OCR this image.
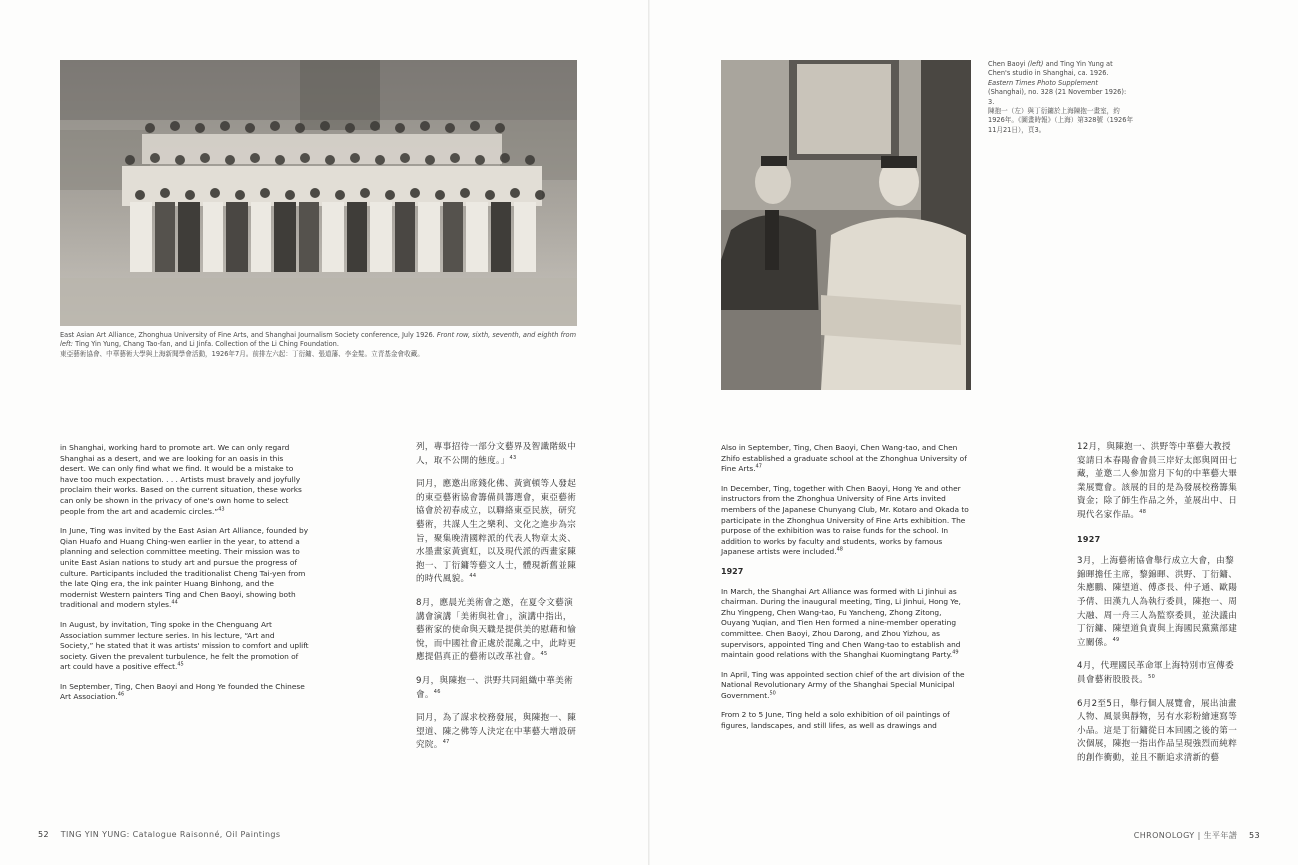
East Asian Art Alliance, Zhonghua University of Fine Arts, and Shanghai Journalism Society conference, July 1926. Front row, sixth, seventh, and eighth from left: Ting Yin Yung, Chang Tao-fan, and Li Jinfa. Collection of the Li Ching Foundation.
東亞藝術協會、中華藝術大學與上海新聞學會活動，1926年7月。前排左六起：丁衍鏞、張道藩、李金髮。立青基金會收藏。

in Shanghai, working hard to promote art. We can only regard Shanghai as a desert, and we are looking for an oasis in this desert. We can only find what we find. It would be a mistake to have too much expectation. . . . Artists must bravely and joyfully proclaim their works. Based on the current situation, these works can only be shown in the privacy of one's own home to select people from the art and academic circles.”$^{43}$

In June, Ting was invited by the East Asian Art Alliance, founded by Qian Huafo and Huang Ching-wen earlier in the year, to attend a planning and selection committee meeting. Their mission was to unite East Asian nations to study art and pursue the progress of culture. Participants included the traditionalist Cheng Tai-yen from the late Qing era, the ink painter Huang Binhong, and the modernist Western painters Ting and Chen Baoyi, showing both traditional and modern styles.$^{44}$

In August, by invitation, Ting spoke in the Chenguang Art Association summer lecture series. In his lecture, “Art and Society,” he stated that it was artists' mission to comfort and uplift society. Given the prevalent turbulence, he felt the promotion of art could have a positive effect.$^{45}$

In September, Ting, Chen Baoyi and Hong Ye founded the Chinese Art Association.$^{46}$

列，專事招待一部分文藝界及智識階級中人，取不公開的態度。」$^{43}$

同月，應邀出席錢化佛、黃賓頓等人發起的東亞藝術協會籌備員籌選會，東亞藝術協會於初春成立，以聯絡東亞民族，研究藝術，共謀人生之樂利、文化之進步為宗旨，聚集晚清國粹派的代表人物章太炎、水墨畫家黃賓虹，以及現代派的西畫家陳抱一、丁衍鏞等藝文人士，體現新舊並陳的時代風貌。$^{44}$

8月，應晨光美術會之邀，在夏令文藝演講會演講「美術與社會」，演講中指出，藝術家的使命與天職是提供美的慰藉和愉悅，而中國社會正處於混亂之中，此時更應提倡真正的藝術以改革社會。$^{45}$

9月，與陳抱一、洪野共同組織中華美術會。$^{46}$

同月，為了謀求校務發展，與陳抱一、陳望道、陳之佛等人決定在中華藝大增設研究院。$^{47}$

52 TING YIN YUNG: Catalogue Raisonné, Oil Paintings
Chen Baoyi (left) and Ting Yin Yung at Chen's studio in Shanghai, ca. 1926. Eastern Times Photo Supplement (Shanghai), no. 328 (21 November 1926): 3.
陳抱一（左）與丁衍鏞於上海陳抱一畫室，約1926年。《圖畫時報》（上海）第328號（1926年11月21日），頁3。

Also in September, Ting, Chen Baoyi, Chen Wang-tao, and Chen Zhifo established a graduate school at the Zhonghua University of Fine Arts.$^{47}$

In December, Ting, together with Chen Baoyi, Hong Ye and other instructors from the Zhonghua University of Fine Arts invited members of the Japanese Chunyang Club, Mr. Kotaro and Okada to participate in the Zhonghua University of Fine Arts exhibition. The purpose of the exhibition was to raise funds for the school. In addition to works by faculty and students, works by famous Japanese artists were included.$^{48}$

1927

In March, the Shanghai Art Alliance was formed with Li Jinhui as chairman. During the inaugural meeting, Ting, Li Jinhui, Hong Ye, Zhu Yingpeng, Chen Wang-tao, Fu Yancheng, Zhong Zitong, Ouyang Yuqian, and Tien Hen formed a nine-member operating committee. Chen Baoyi, Zhou Darong, and Zhou Yizhou, as supervisors, appointed Ting and Chen Wang-tao to establish and maintain good relations with the Shanghai Kuomingtang Party.$^{49}$

In April, Ting was appointed section chief of the art division of the National Revolutionary Army of the Shanghai Special Municipal Government.$^{50}$

From 2 to 5 June, Ting held a solo exhibition of oil paintings of figures, landscapes, and still lifes, as well as drawings and

12月，與陳抱一、洪野等中華藝大教授宴請日本春陽會會員三岸好太郎與岡田七藏，並邀二人參加當月下旬的中華藝大畢業展覽會。該展的目的是為發展校務籌集資金；除了師生作品之外，並展出中、日現代名家作品。$^{48}$

1927

3月，上海藝術協會舉行成立大會，由黎錦暉擔任主席，黎錦暉、洪野、丁衍鏞、朱應鵬、陳望道、傅彥長、仲子通、歐陽予倩、田漢九人為執行委員，陳抱一、周大融、周一舟三人為監察委員，並決議由丁衍鏞、陳望道負責與上海國民黨黨部建立關係。$^{49}$

4月，代理國民革命軍上海特別市宣傳委員會藝術股股長。$^{50}$

6月2至5日，舉行個人展覽會，展出油畫人物、風景與靜物，另有水彩粉繪速寫等小品。這是丁衍鏞從日本回國之後的第一次個展，陳抱一指出作品呈現強烈而純粹的創作衝動，並且不斷追求清新的藝

CHRONOLOGY | 生平年譜 53
